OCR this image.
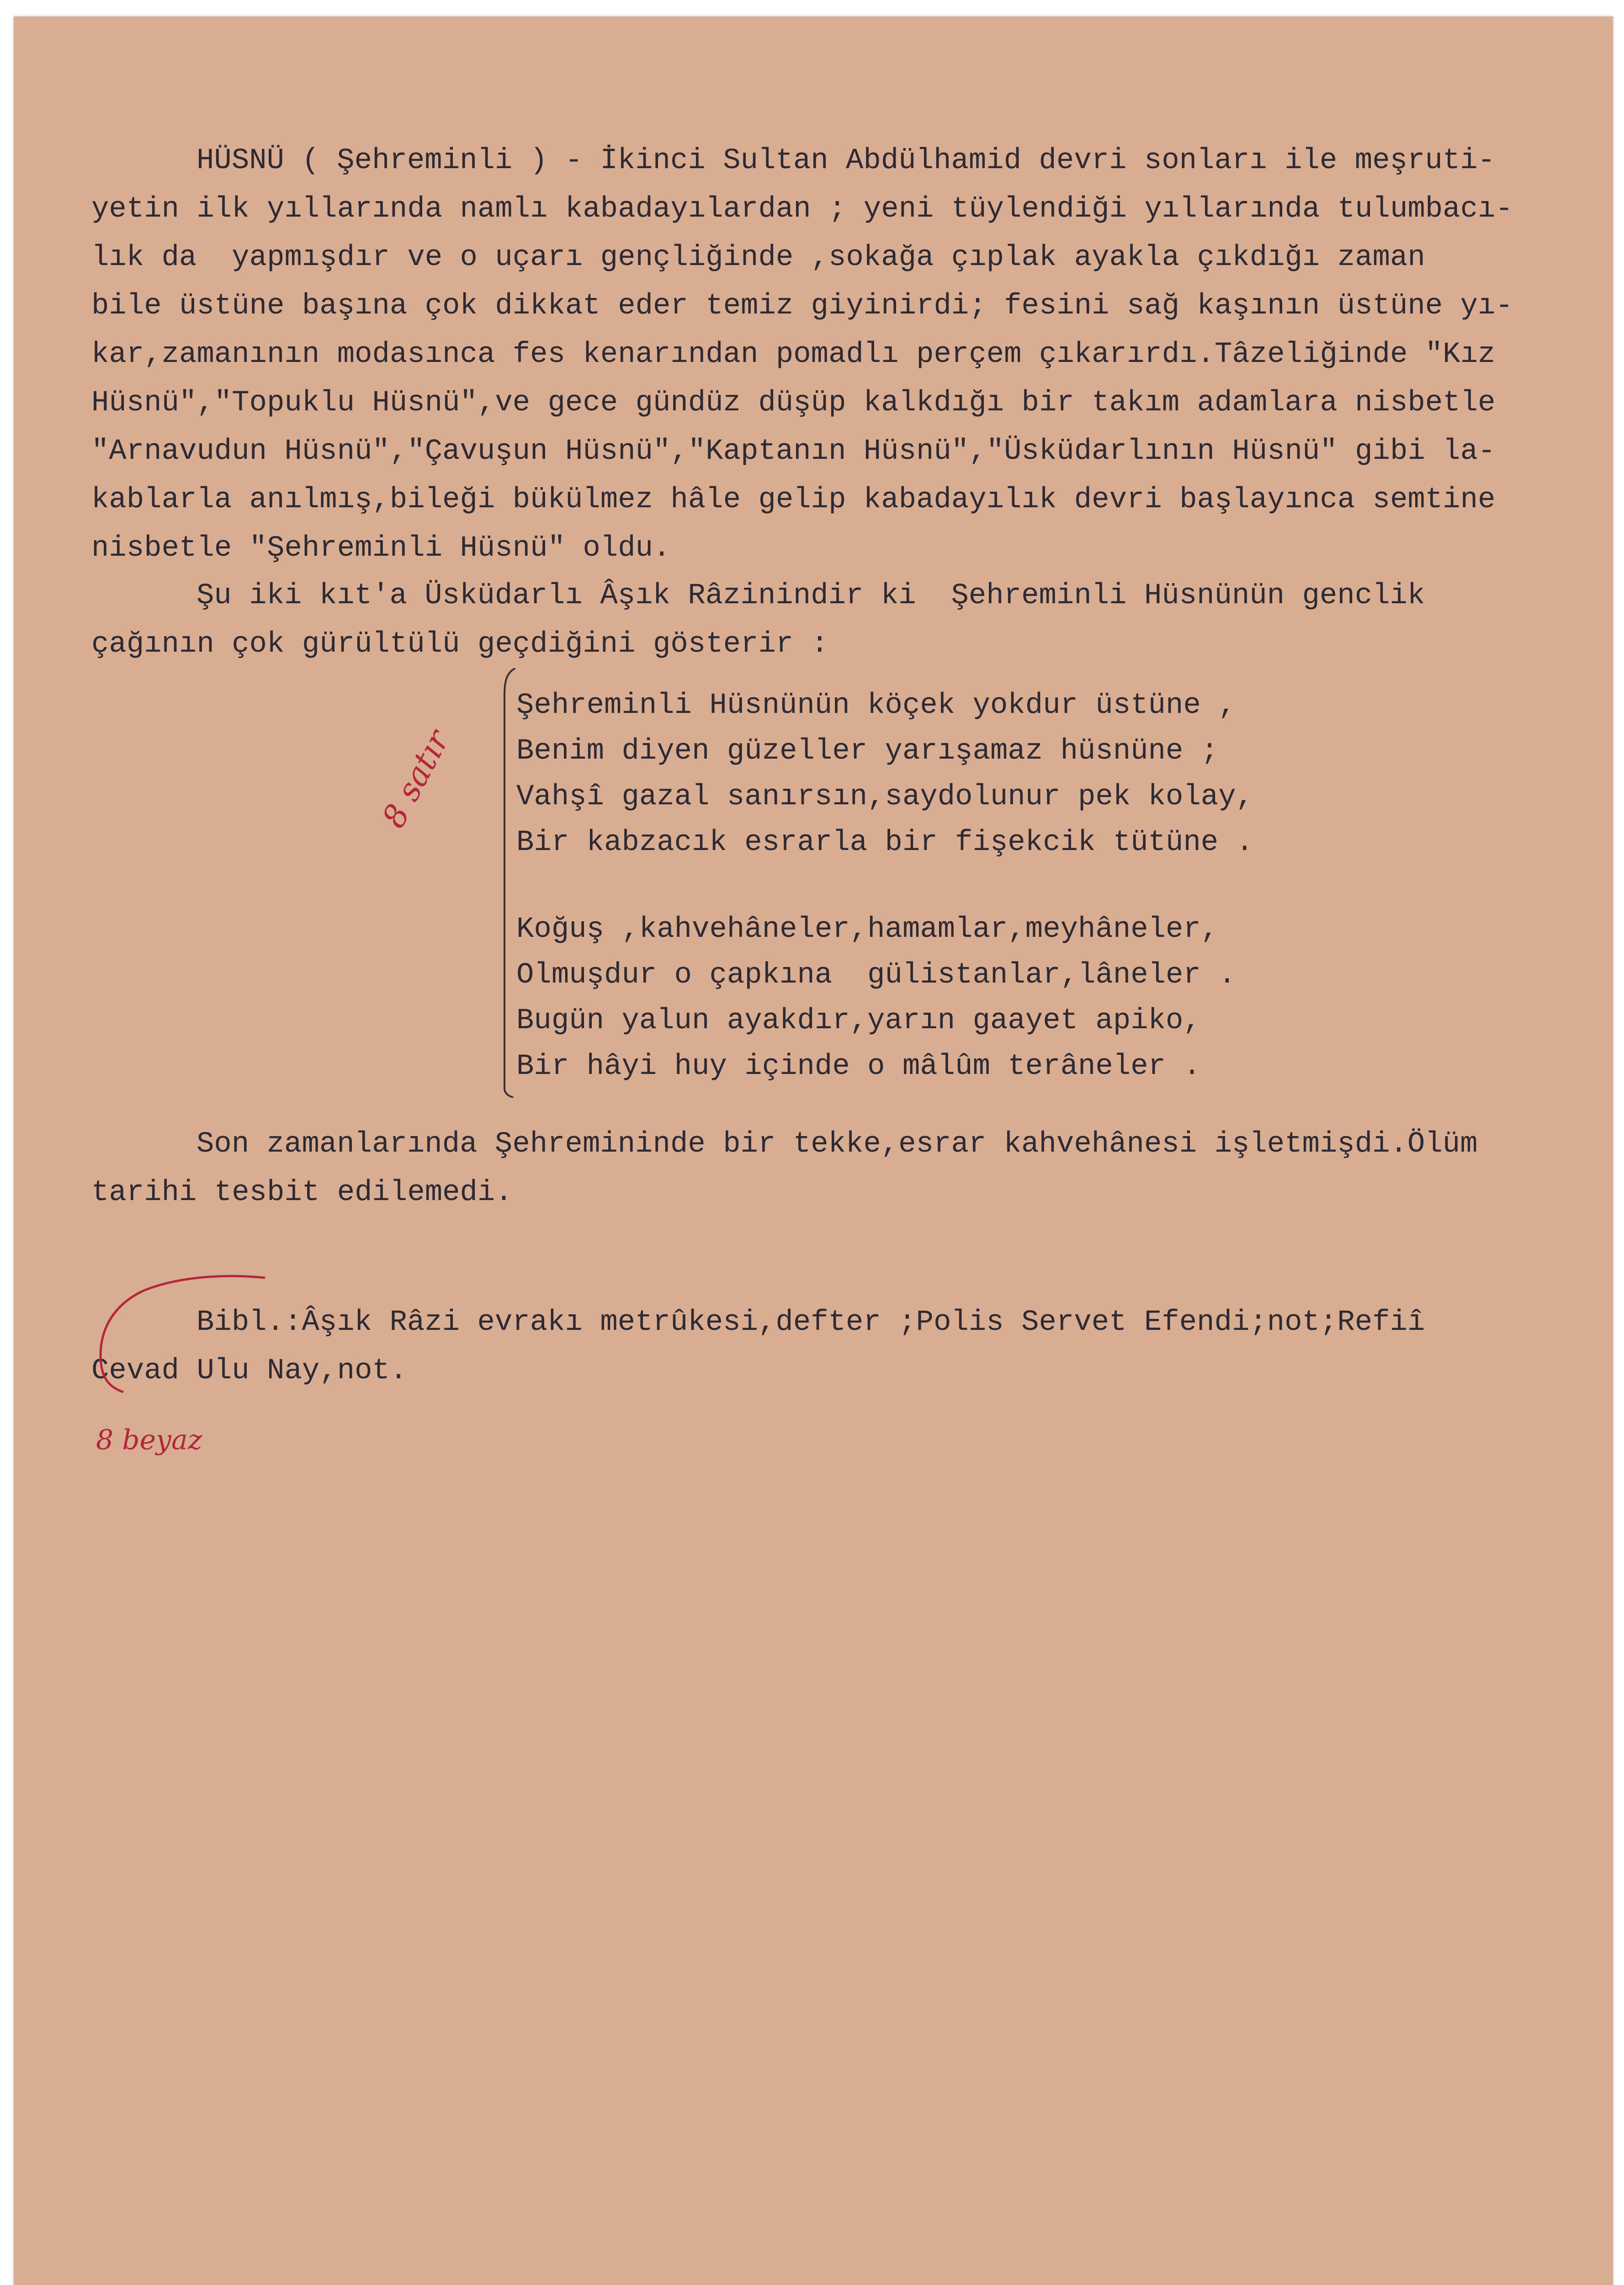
HÜSNÜ ( Şehreminli ) - İkinci Sultan Abdülhamid devri sonları ile meşruti-
yetin ilk yıllarında namlı kabadayılardan ; yeni tüylendiği yıllarında tulumbacı-
lık da  yapmışdır ve o uçarı gençliğinde ,sokağa çıplak ayakla çıkdığı zaman
bile üstüne başına çok dikkat eder temiz giyinirdi; fesini sağ kaşının üstüne yı-
kar,zamanının modasınca fes kenarından pomadlı perçem çıkarırdı.Tâzeliğinde "Kız
Hüsnü","Topuklu Hüsnü",ve gece gündüz düşüp kalkdığı bir takım adamlara nisbetle
"Arnavudun Hüsnü","Çavuşun Hüsnü","Kaptanın Hüsnü","Üsküdarlının Hüsnü" gibi la-
kablarla anılmış,bileği bükülmez hâle gelip kabadayılık devri başlayınca semtine
nisbetle "Şehreminli Hüsnü" oldu.
Şu iki kıt'a Üsküdarlı Âşık Râzinindir ki  Şehreminli Hüsnünün genclik
çağının çok gürültülü geçdiğini gösterir :
Şehreminli Hüsnünün köçek yokdur üstüne ,
Benim diyen güzeller yarışamaz hüsnüne ;
Vahşî gazal sanırsın,saydolunur pek kolay,
Bir kabzacık esrarla bir fişekcik tütüne .
Koğuş ,kahvehâneler,hamamlar,meyhâneler,
Olmuşdur o çapkına  gülistanlar,lâneler .
Bugün yalun ayakdır,yarın gaayet apiko,
Bir hâyi huy içinde o mâlûm terâneler .
Son zamanlarında Şehremininde bir tekke,esrar kahvehânesi işletmişdi.Ölüm
tarihi tesbit edilemedi.
Bibl.:Âşık Râzi evrakı metrûkesi,defter ;Polis Servet Efendi;not;Refiî
Cevad Ulu Nay,not.
8 satır
8 beyaz
